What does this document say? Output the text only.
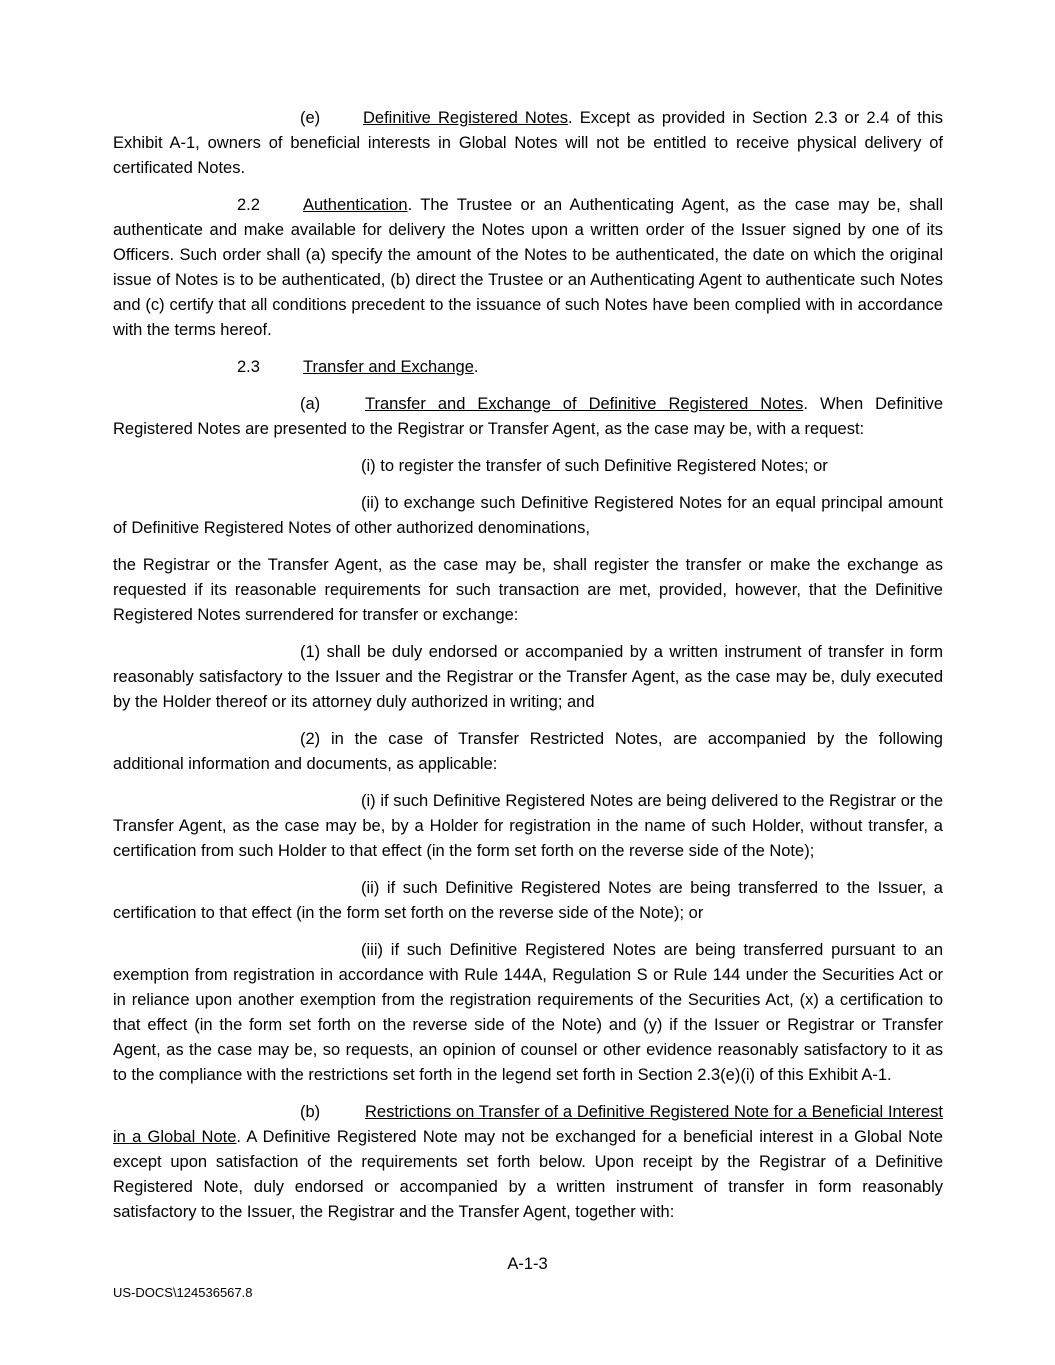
(e)	Definitive Registered Notes. Except as provided in Section 2.3 or 2.4 of this Exhibit A-1, owners of beneficial interests in Global Notes will not be entitled to receive physical delivery of certificated Notes.

2.2	Authentication. The Trustee or an Authenticating Agent, as the case may be, shall authenticate and make available for delivery the Notes upon a written order of the Issuer signed by one of its Officers. Such order shall (a) specify the amount of the Notes to be authenticated, the date on which the original issue of Notes is to be authenticated, (b) direct the Trustee or an Authenticating Agent to authenticate such Notes and (c) certify that all conditions precedent to the issuance of such Notes have been complied with in accordance with the terms hereof.

2.3	Transfer and Exchange.

(a)	Transfer and Exchange of Definitive Registered Notes. When Definitive Registered Notes are presented to the Registrar or Transfer Agent, as the case may be, with a request:

(i) to register the transfer of such Definitive Registered Notes; or

(ii) to exchange such Definitive Registered Notes for an equal principal amount of Definitive Registered Notes of other authorized denominations,

the Registrar or the Transfer Agent, as the case may be, shall register the transfer or make the exchange as requested if its reasonable requirements for such transaction are met, provided, however, that the Definitive Registered Notes surrendered for transfer or exchange:

(1) shall be duly endorsed or accompanied by a written instrument of transfer in form reasonably satisfactory to the Issuer and the Registrar or the Transfer Agent, as the case may be, duly executed by the Holder thereof or its attorney duly authorized in writing; and

(2) in the case of Transfer Restricted Notes, are accompanied by the following additional information and documents, as applicable:

(i) if such Definitive Registered Notes are being delivered to the Registrar or the Transfer Agent, as the case may be, by a Holder for registration in the name of such Holder, without transfer, a certification from such Holder to that effect (in the form set forth on the reverse side of the Note);

(ii) if such Definitive Registered Notes are being transferred to the Issuer, a certification to that effect (in the form set forth on the reverse side of the Note); or

(iii) if such Definitive Registered Notes are being transferred pursuant to an exemption from registration in accordance with Rule 144A, Regulation S or Rule 144 under the Securities Act or in reliance upon another exemption from the registration requirements of the Securities Act, (x) a certification to that effect (in the form set forth on the reverse side of the Note) and (y) if the Issuer or Registrar or Transfer Agent, as the case may be, so requests, an opinion of counsel or other evidence reasonably satisfactory to it as to the compliance with the restrictions set forth in the legend set forth in Section 2.3(e)(i) of this Exhibit A-1.

(b)	Restrictions on Transfer of a Definitive Registered Note for a Beneficial Interest in a Global Note. A Definitive Registered Note may not be exchanged for a beneficial interest in a Global Note except upon satisfaction of the requirements set forth below. Upon receipt by the Registrar of a Definitive Registered Note, duly endorsed or accompanied by a written instrument of transfer in form reasonably satisfactory to the Issuer, the Registrar and the Transfer Agent, together with:

A-1-3
US-DOCS\124536567.8
